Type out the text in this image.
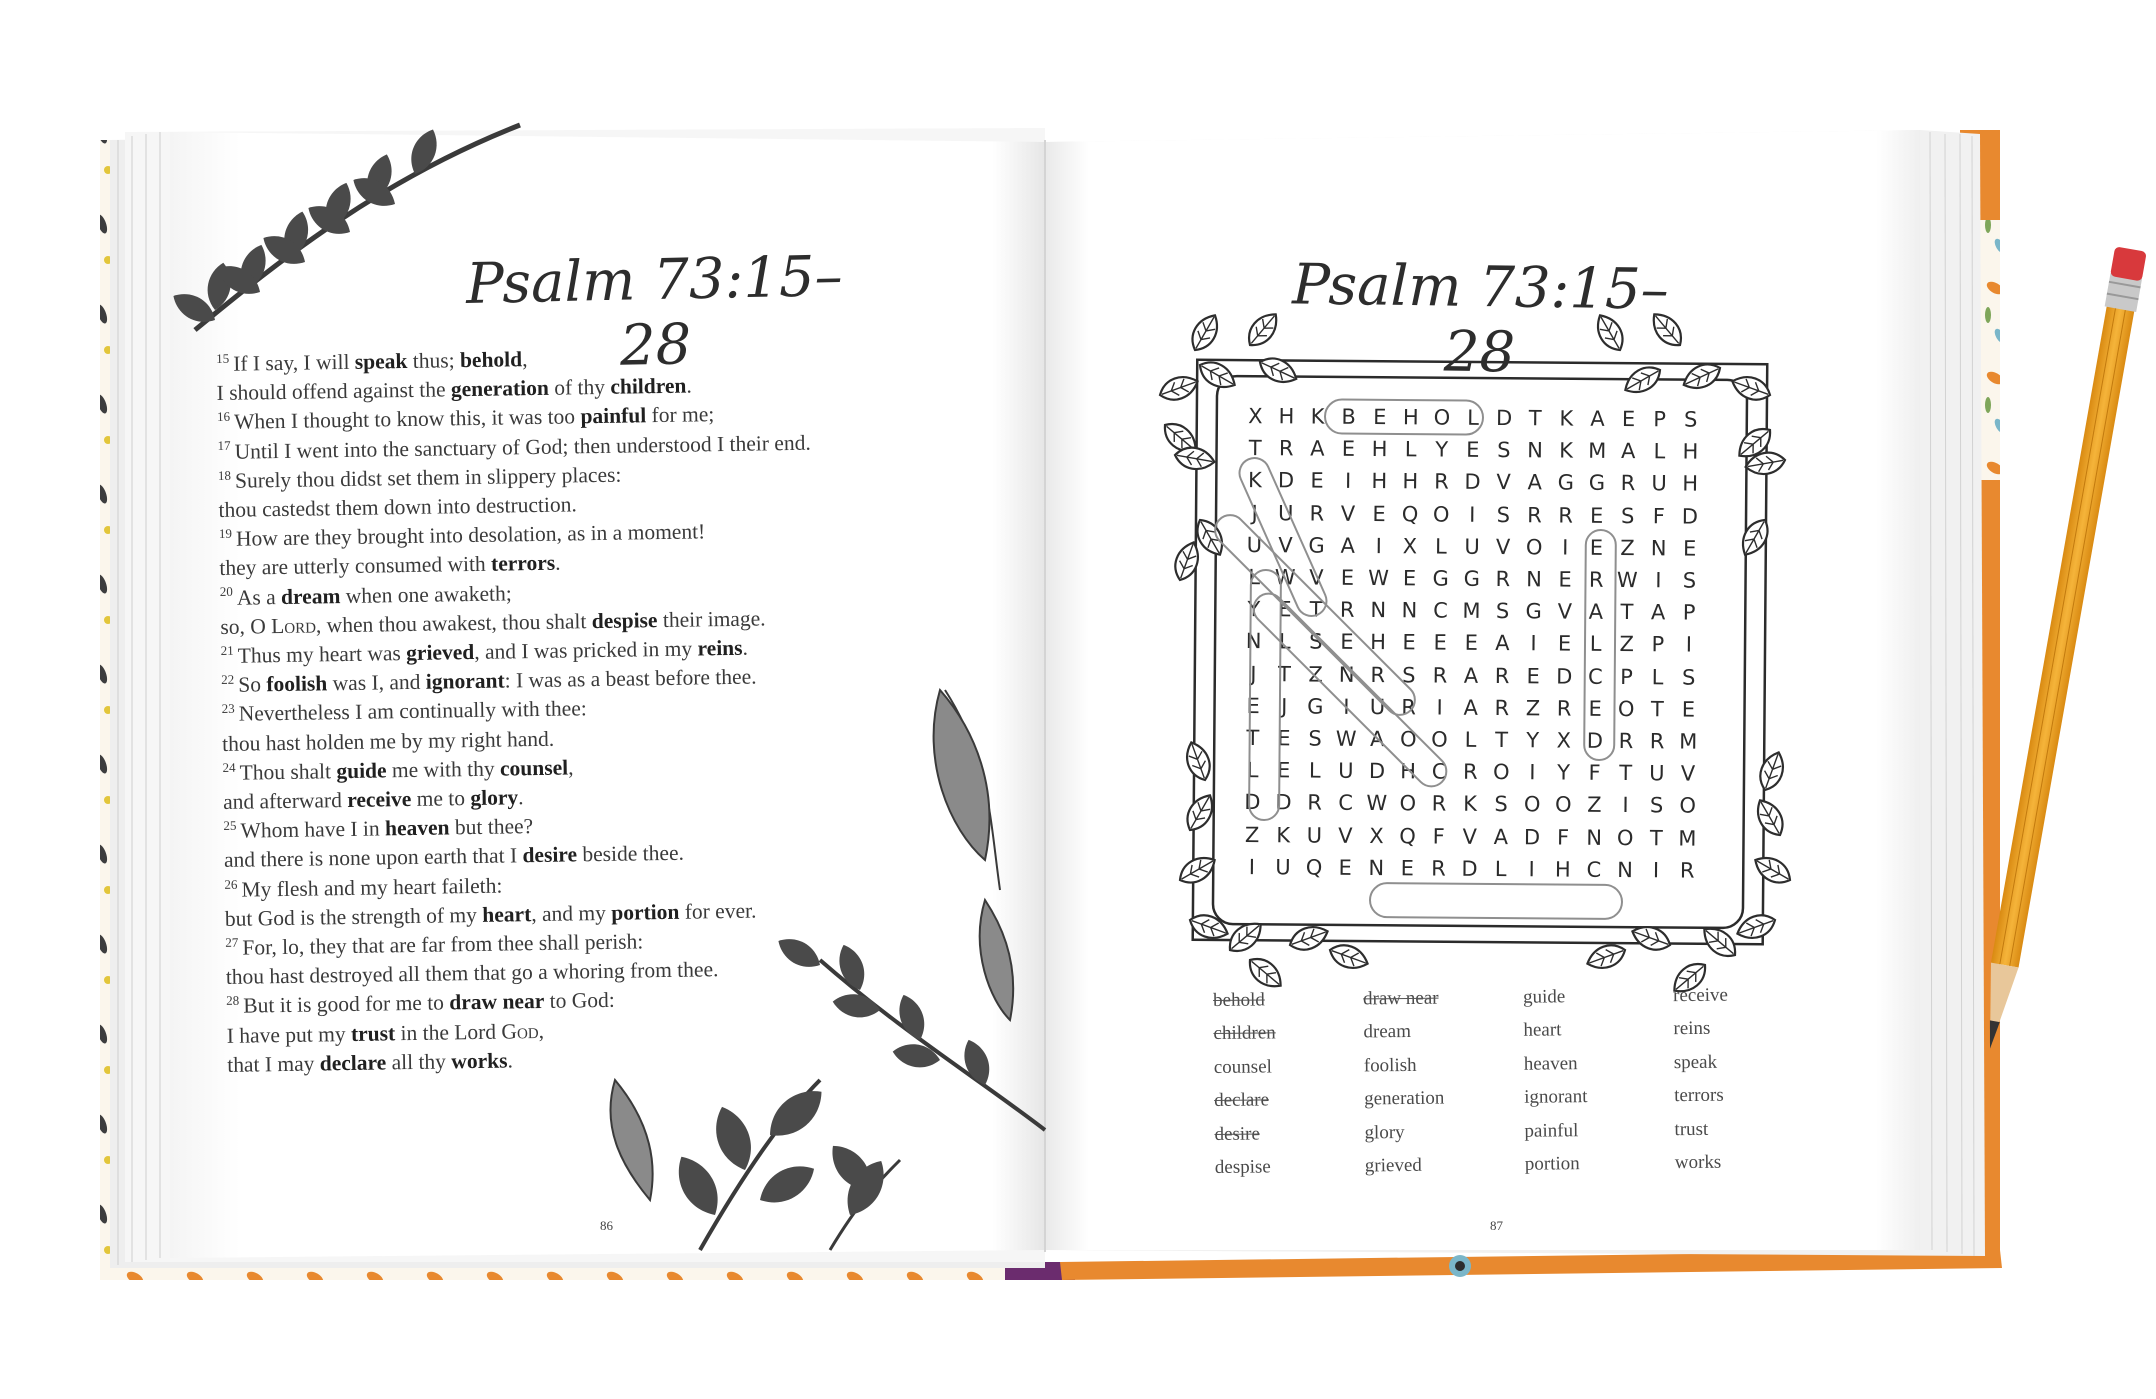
Psalm 73:15–28
$^{15}$ If I say, I will speak thus; behold,
I should offend against the generation of thy children.
$^{16}$ When I thought to know this, it was too painful for me;
$^{17}$ Until I went into the sanctuary of God; then understood I their end.
$^{18}$ Surely thou didst set them in slippery places:
thou castedst them down into destruction.
$^{19}$ How are they brought into desolation, as in a moment!
they are utterly consumed with terrors.
$^{20}$ As a dream when one awaketh;
so, O Lord, when thou awakest, thou shalt despise their image.
$^{21}$ Thus my heart was grieved, and I was pricked in my reins.
$^{22}$ So foolish was I, and ignorant: I was as a beast before thee.
$^{23}$ Nevertheless I am continually with thee:
thou hast holden me by my right hand.
$^{24}$ Thou shalt guide me with thy counsel,
and afterward receive me to glory.
$^{25}$ Whom have I in heaven but thee?
and there is none upon earth that I desire beside thee.
$^{26}$ My flesh and my heart faileth:
but God is the strength of my heart, and my portion for ever.
$^{27}$ For, lo, they that are far from thee shall perish:
thou hast destroyed all them that go a whoring from thee.
$^{28}$ But it is good for me to draw near to God:
I have put my trust in the Lord God,
that I may declare all thy works.
86
Psalm 73:15–28
X H K B E H O L D T K A E P S
T R A E H L Y E S N K M A L H
K D E	I H H R D V A G G R U H
J U R V E Q O I	S R R E S F D
U V G A I X L U V O I	E Z N E
L W V E W E G G R N E R W I	S
Y E T R N N C M S G V A T A P
N L S E H E E E A I	E L Z P	I
J	T Z N R S R A R E D C P L S
E	J G I U R I A R Z R E O T E
T E S W A O O L T Y X D R R M
L E L U D H C R O I	Y F T U V
D D R C W O R K S O O Z I	S O
Z K U V X Q F V A D F N O T M
I U Q E N E R D L	I H C N I R
behold
children
counsel
declare
desire
despise
draw near
dream
foolish
generation
glory
grieved
guide
heart
heaven
ignorant
painful
portion
receive
reins
speak
terrors
trust
works
87
